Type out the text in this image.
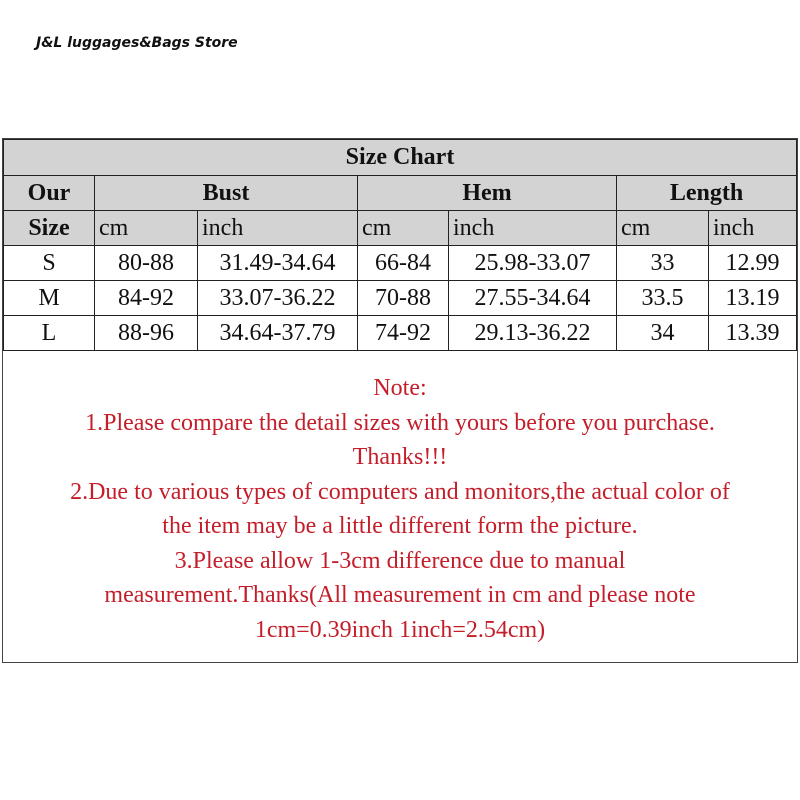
J&L luggages&Bags Store
Size Chart						
Our	Bust		Hem		Length	
Size	cm	inch	cm	inch	cm	inch
S	80-88	31.49-34.64	66-84	25.98-33.07	33	12.99
M	84-92	33.07-36.22	70-88	27.55-34.64	33.5	13.19
L	88-96	34.64-37.79	74-92	29.13-36.22	34	13.39
Note:
1.Please compare the detail sizes with yours before you purchase.
Thanks!!!
2.Due to various types of computers and monitors,the actual color of
the item may be a little different form the picture.
3.Please allow 1-3cm difference due to manual
measurement.Thanks(All measurement in cm and please note
1cm=0.39inch 1inch=2.54cm)
